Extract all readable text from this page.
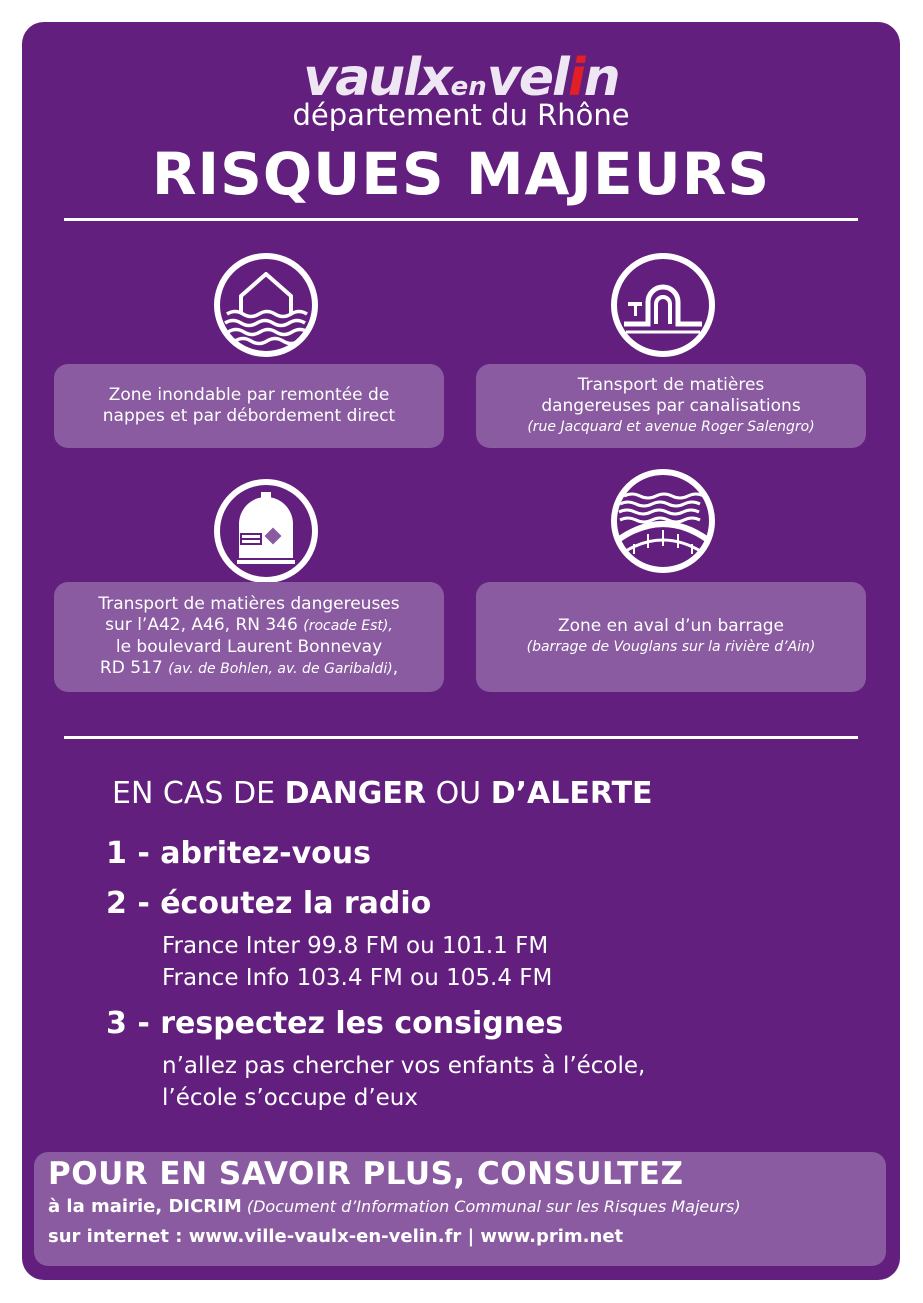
vaulxenvelin
département du Rhône
RISQUES MAJEURS
Zone inondable par remontée de
nappes et par débordement direct
Transport de matières
dangereuses par canalisations
(rue Jacquard et avenue Roger Salengro)
Transport de matières dangereuses
sur l’A42, A46, RN 346 (rocade Est),
le boulevard Laurent Bonnevay
RD 517 (av. de Bohlen, av. de Garibaldi),
Zone en aval d’un barrage
(barrage de Vouglans sur la rivière d’Ain)
EN CAS DE DANGER OU D’ALERTE
1 - abritez-vous
2 - écoutez la radio
France Inter 99.8 FM ou 101.1 FM
France Info 103.4 FM ou 105.4 FM
3 - respectez les consignes
n’allez pas chercher vos enfants à l’école,
l’école s’occupe d’eux
POUR EN SAVOIR PLUS, CONSULTEZ
à la mairie, DICRIM (Document d’Information Communal sur les Risques Majeurs)
sur internet : www.ville-vaulx-en-velin.fr | www.prim.net
